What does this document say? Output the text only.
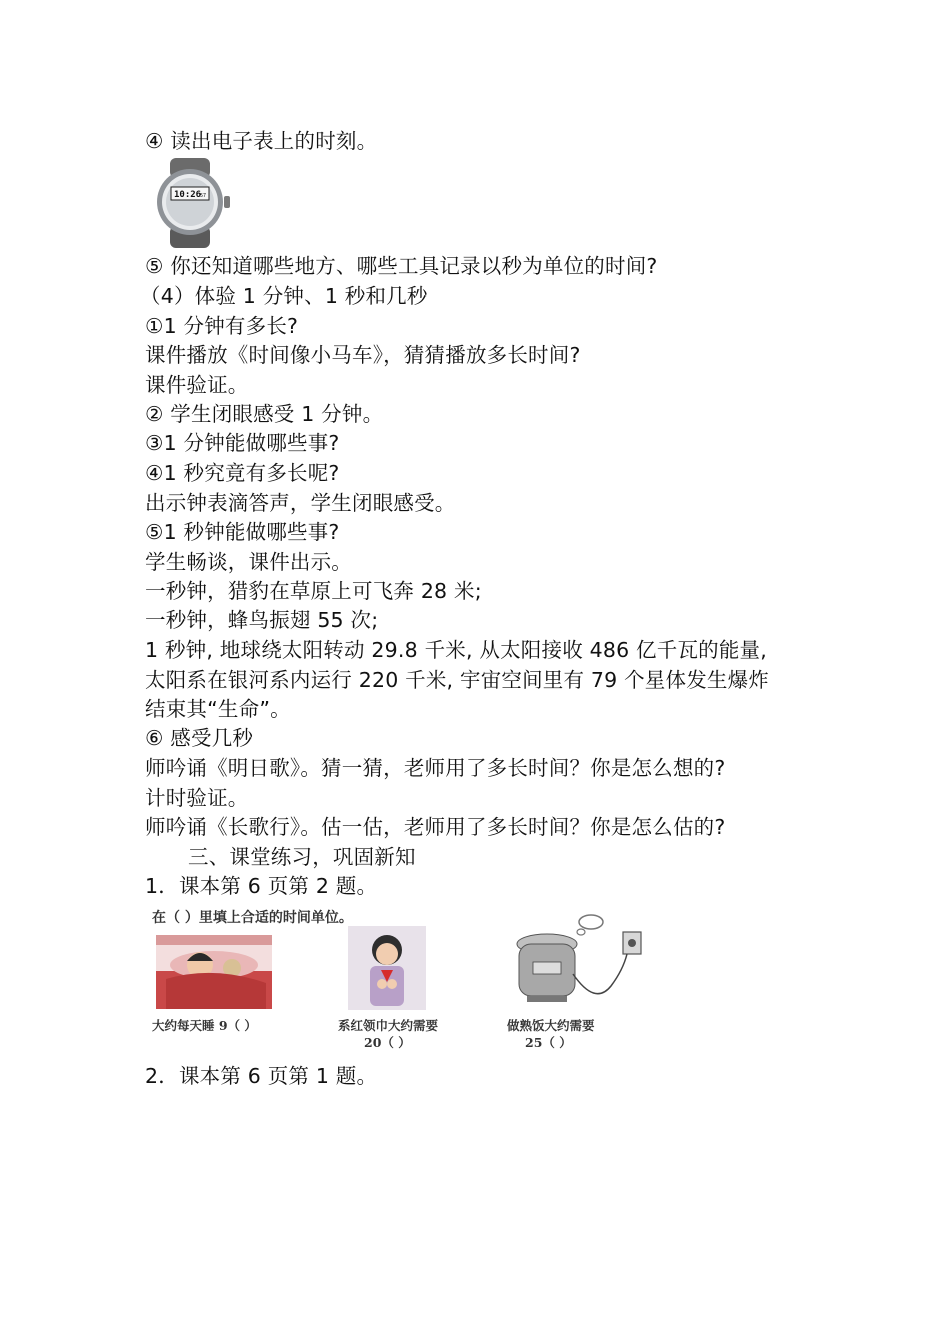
④ 读出电子表上的时刻。
10:26
57
⑤ 你还知道哪些地方、哪些工具记录以秒为单位的时间?
（4）体验 1 分钟、1 秒和几秒
①1 分钟有多长?
课件播放《时间像小马车》，猜猜播放多长时间?
课件验证。
② 学生闭眼感受 1 分钟。
③1 分钟能做哪些事?
④1 秒究竟有多长呢?
出示钟表滴答声，学生闭眼感受。
⑤1 秒钟能做哪些事?
学生畅谈，课件出示。
一秒钟，猎豹在草原上可飞奔 28 米;
一秒钟，蜂鸟振翅 55 次;
1 秒钟, 地球绕太阳转动 29.8 千米, 从太阳接收 486 亿千瓦的能量,
太阳系在银河系内运行 220 千米, 宇宙空间里有 79 个星体发生爆炸
结束其“生命”。
⑥ 感受几秒
师吟诵《明日歌》。猜一猜，老师用了多长时间？你是怎么想的?
计时验证。
师吟诵《长歌行》。估一估，老师用了多长时间？你是怎么估的?
三、课堂练习，巩固新知
1．课本第 6 页第 2 题。
在（ ）里填上合适的时间单位。
大约每天睡 9（ ）	系红领巾大约需要
20（ ）
做熟饭大约需要
25（ ）
2．课本第 6 页第 1 题。
